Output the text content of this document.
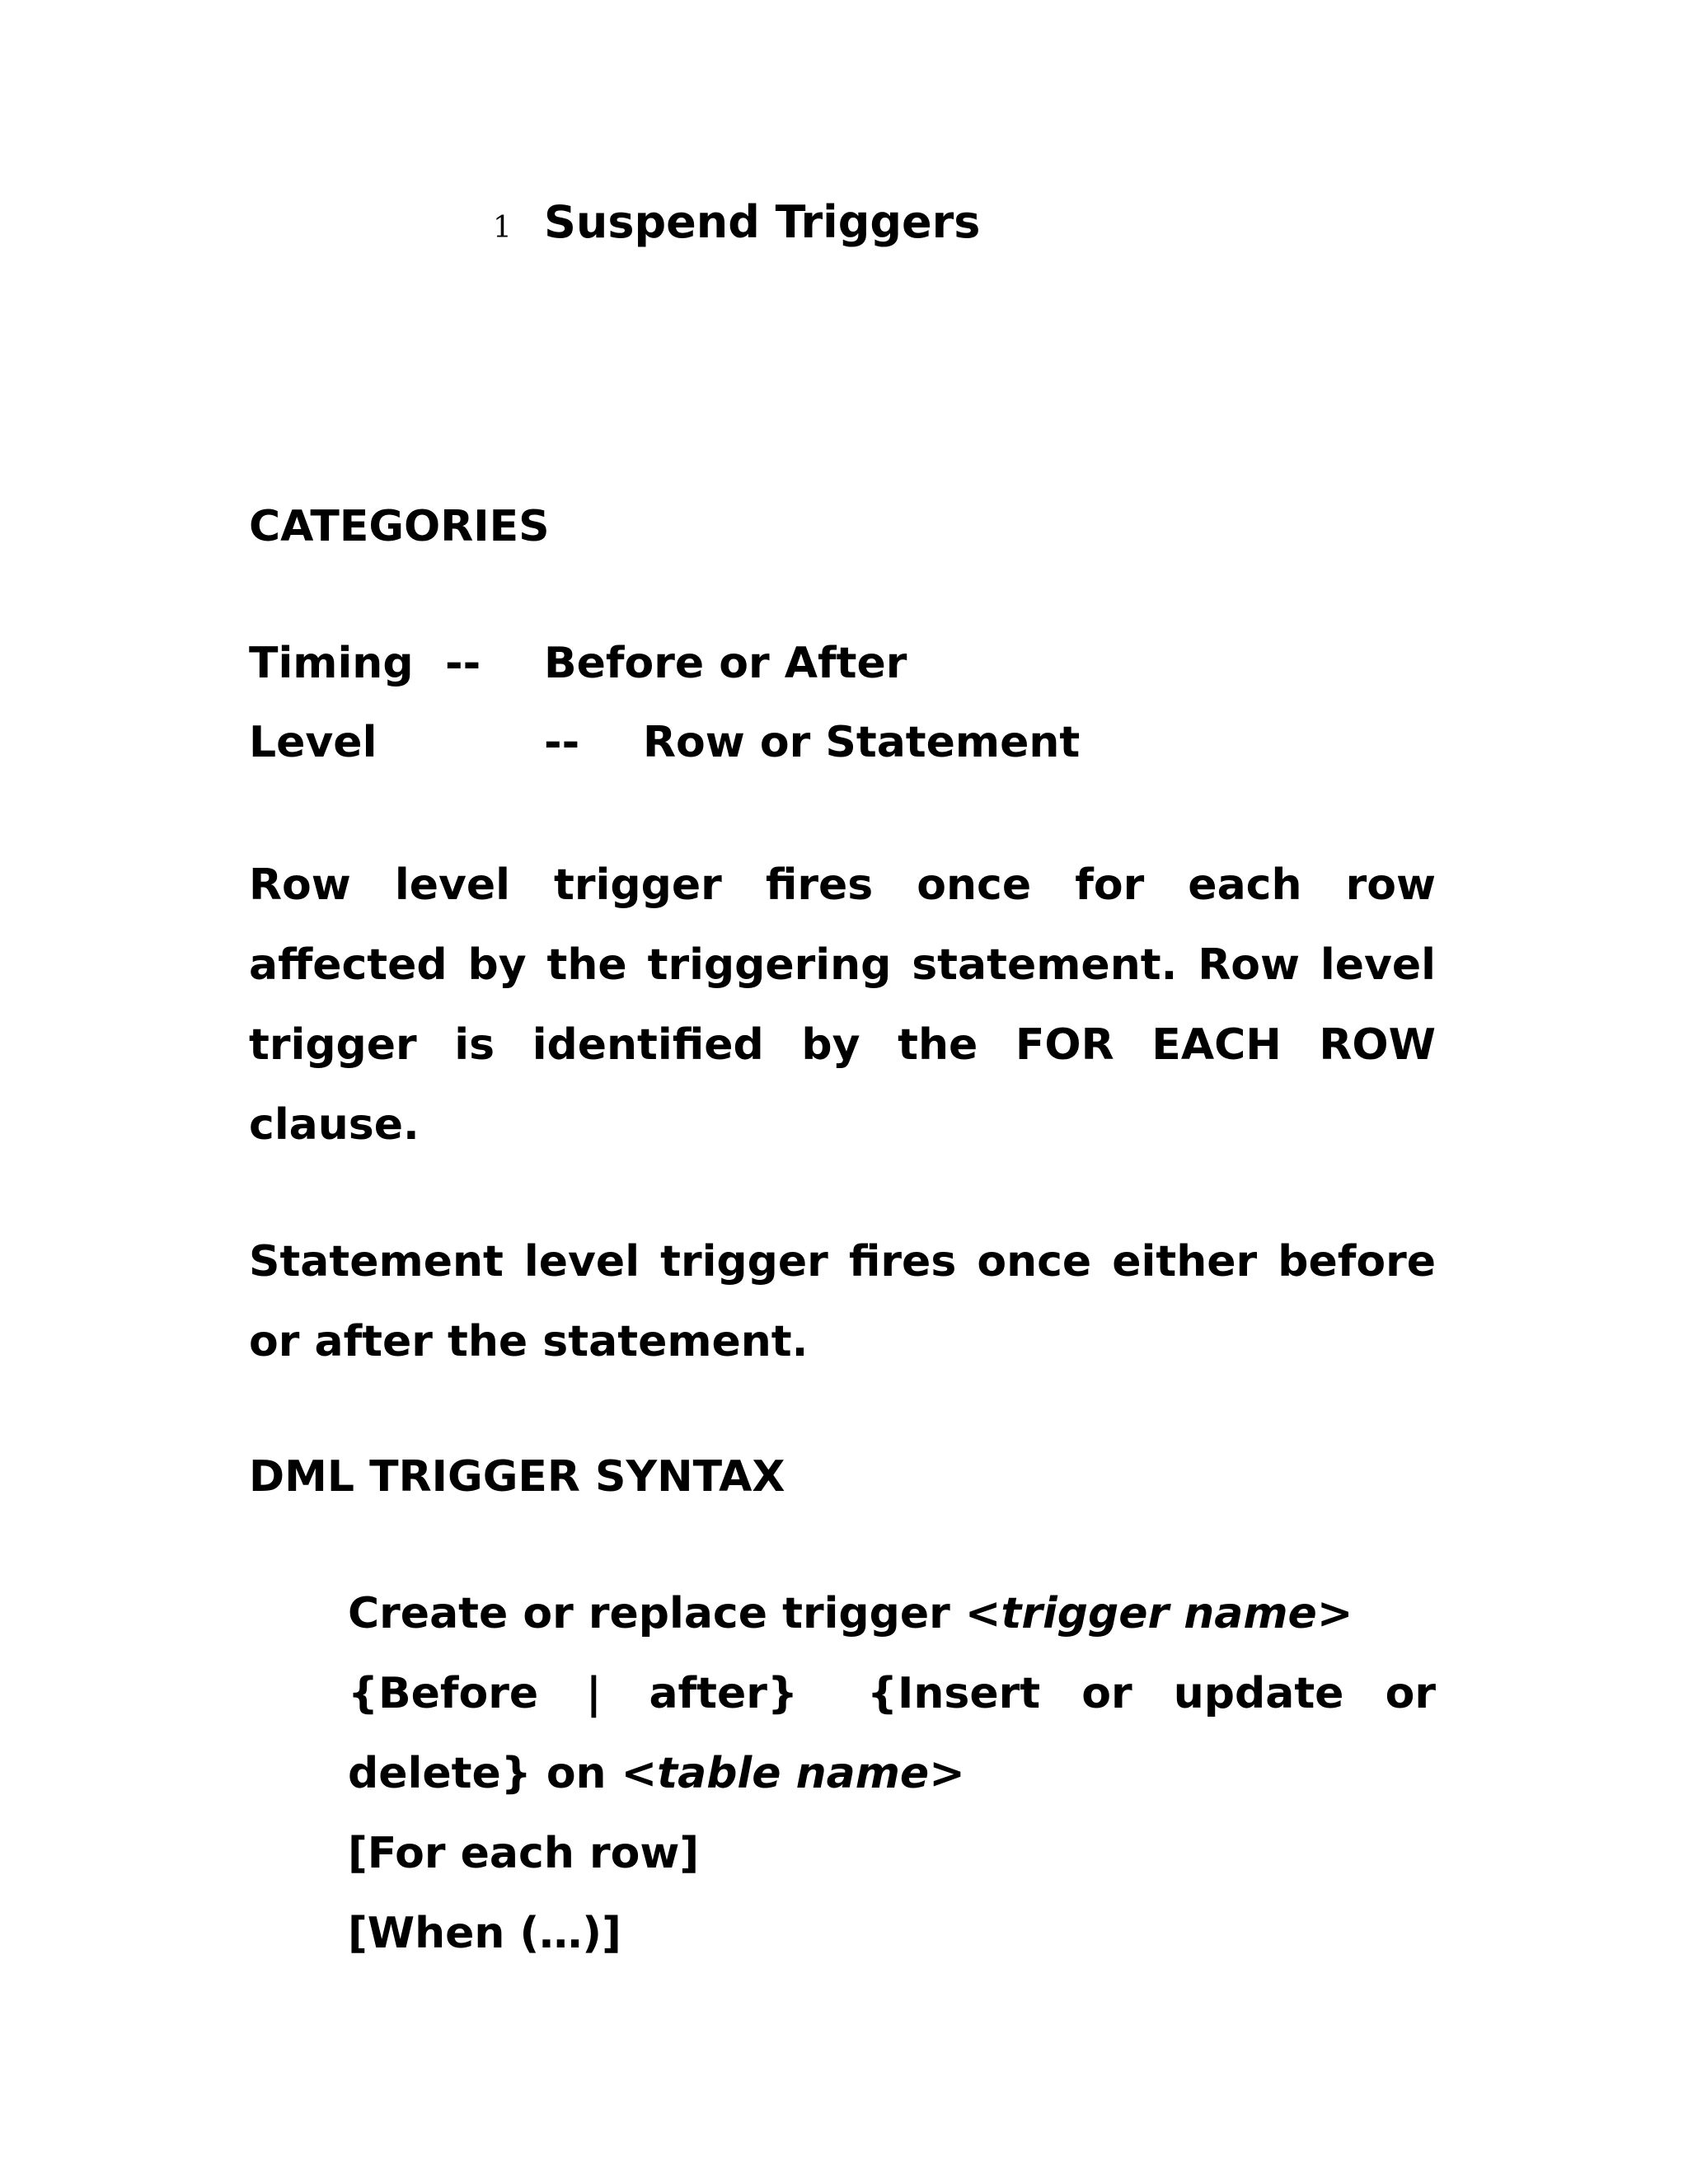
1 Suspend Triggers
CATEGORIES
Timing -- Before or After
Level	-- Row or Statement
Row level trigger fires once for each row affected by the triggering statement. Row level trigger is identified by the FOR EACH ROW clause.
Statement level trigger fires once either before or after the statement.
DML TRIGGER SYNTAX
Create or replace trigger <trigger name>
{Before | after} {Insert or update or
delete} on <table name>
[For each row]
[When (…)]
